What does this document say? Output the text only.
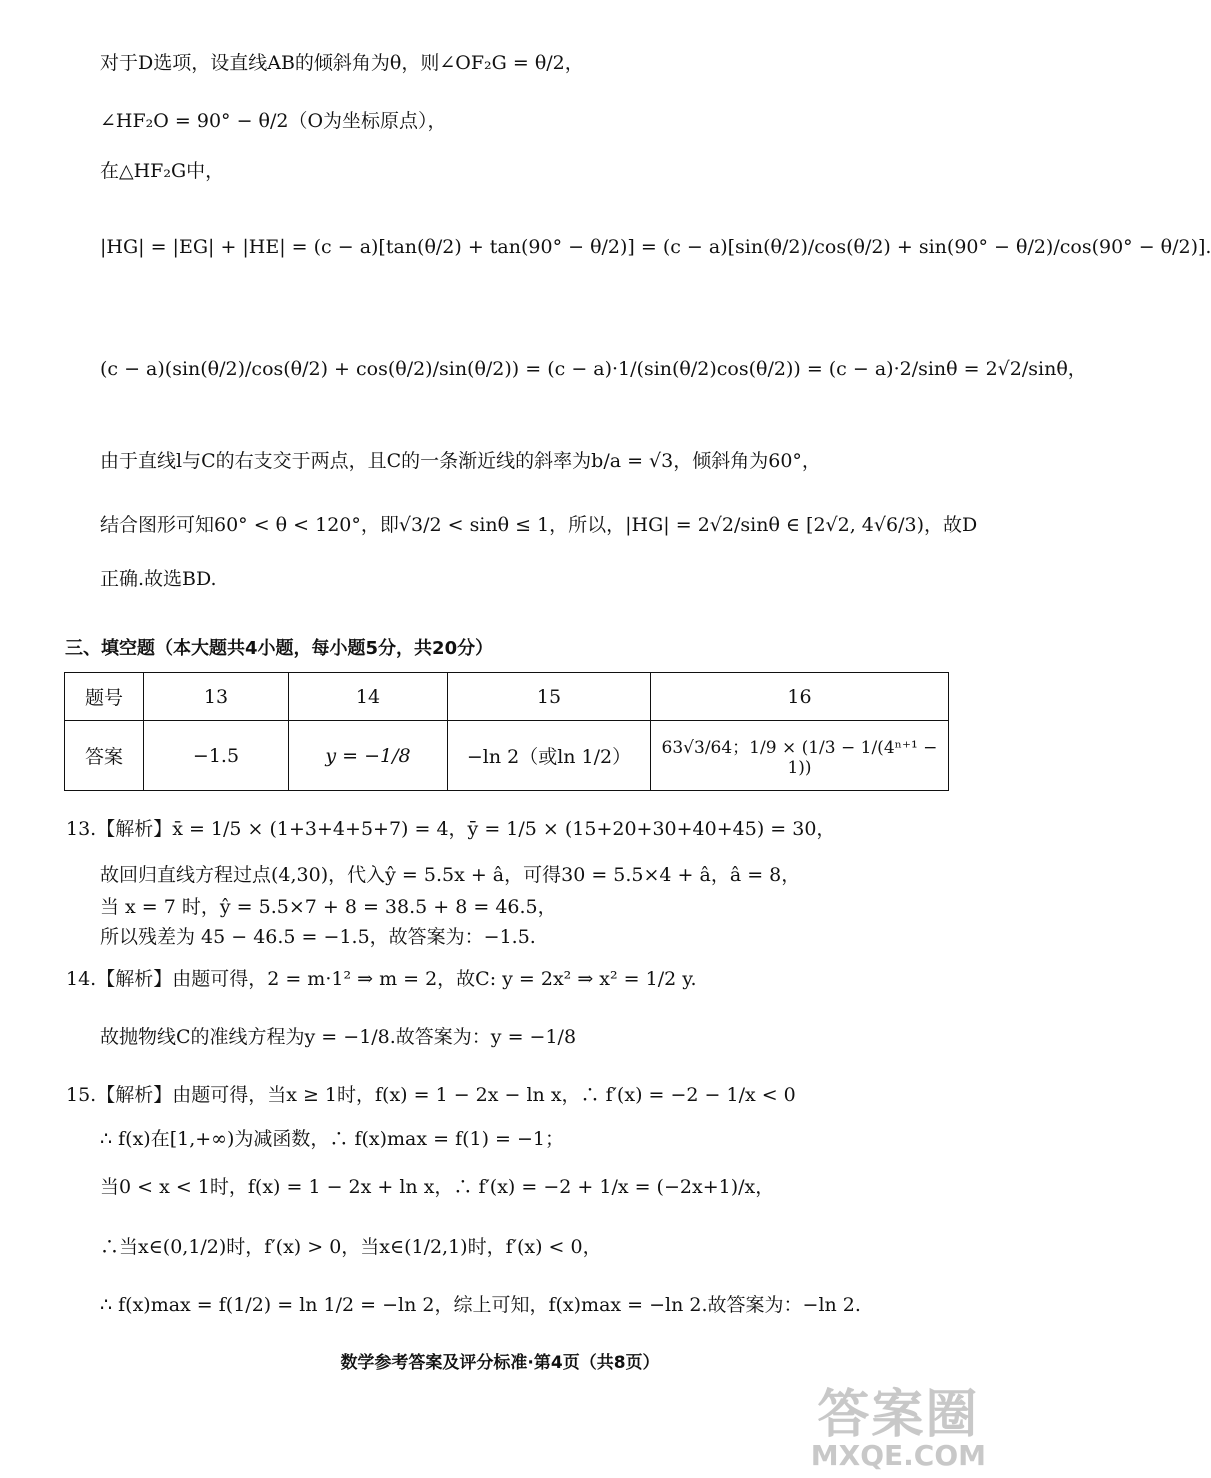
对于D选项，设直线AB的倾斜角为θ，则∠OF₂G = θ/2，
∠HF₂O = 90° − θ/2（O为坐标原点），
在△HF₂G中，
|HG| = |EG| + |HE| = (c − a)[tan(θ/2) + tan(90° − θ/2)] = (c − a)[sin(θ/2)/cos(θ/2) + sin(90° − θ/2)/cos(90° − θ/2)].
(c − a)(sin(θ/2)/cos(θ/2) + cos(θ/2)/sin(θ/2)) = (c − a)·1/(sin(θ/2)cos(θ/2)) = (c − a)·2/sinθ = 2√2/sinθ，
由于直线l与C的右支交于两点，且C的一条渐近线的斜率为b/a = √3，倾斜角为60°，
结合图形可知60° < θ < 120°，即√3/2 < sinθ ≤ 1，所以，|HG| = 2√2/sinθ ∈ [2√2, 4√6/3)，故D
正确.故选BD.
三、填空题（本大题共4小题，每小题5分，共20分）
题号	13	14	15	16
答案	−1.5	y = −1/8	−ln 2（或ln 1/2）	63√3/64；1/9 × (1/3 − 1/(4ⁿ⁺¹ − 1))
13.【解析】x̄ = 1/5 × (1+3+4+5+7) = 4，ȳ = 1/5 × (15+20+30+40+45) = 30，
故回归直线方程过点(4,30)，代入ŷ = 5.5x + â，可得30 = 5.5×4 + â，â = 8，
当 x = 7 时，ŷ = 5.5×7 + 8 = 38.5 + 8 = 46.5，
所以残差为 45 − 46.5 = −1.5，故答案为：−1.5.
14.【解析】由题可得，2 = m·1² ⇒ m = 2，故C: y = 2x² ⇒ x² = 1/2 y.
故抛物线C的准线方程为y = −1/8.故答案为：y = −1/8
15.【解析】由题可得，当x ≥ 1时，f(x) = 1 − 2x − ln x，∴ f′(x) = −2 − 1/x < 0
∴ f(x)在[1,+∞)为减函数，∴ f(x)max = f(1) = −1；
当0 < x < 1时，f(x) = 1 − 2x + ln x，∴ f′(x) = −2 + 1/x = (−2x+1)/x，
∴当x∈(0,1/2)时，f′(x) > 0，当x∈(1/2,1)时，f′(x) < 0，
∴ f(x)max = f(1/2) = ln 1/2 = −ln 2，综上可知，f(x)max = −ln 2.故答案为：−ln 2.
数学参考答案及评分标准·第4页（共8页）
答案圈
MXQE.COM
